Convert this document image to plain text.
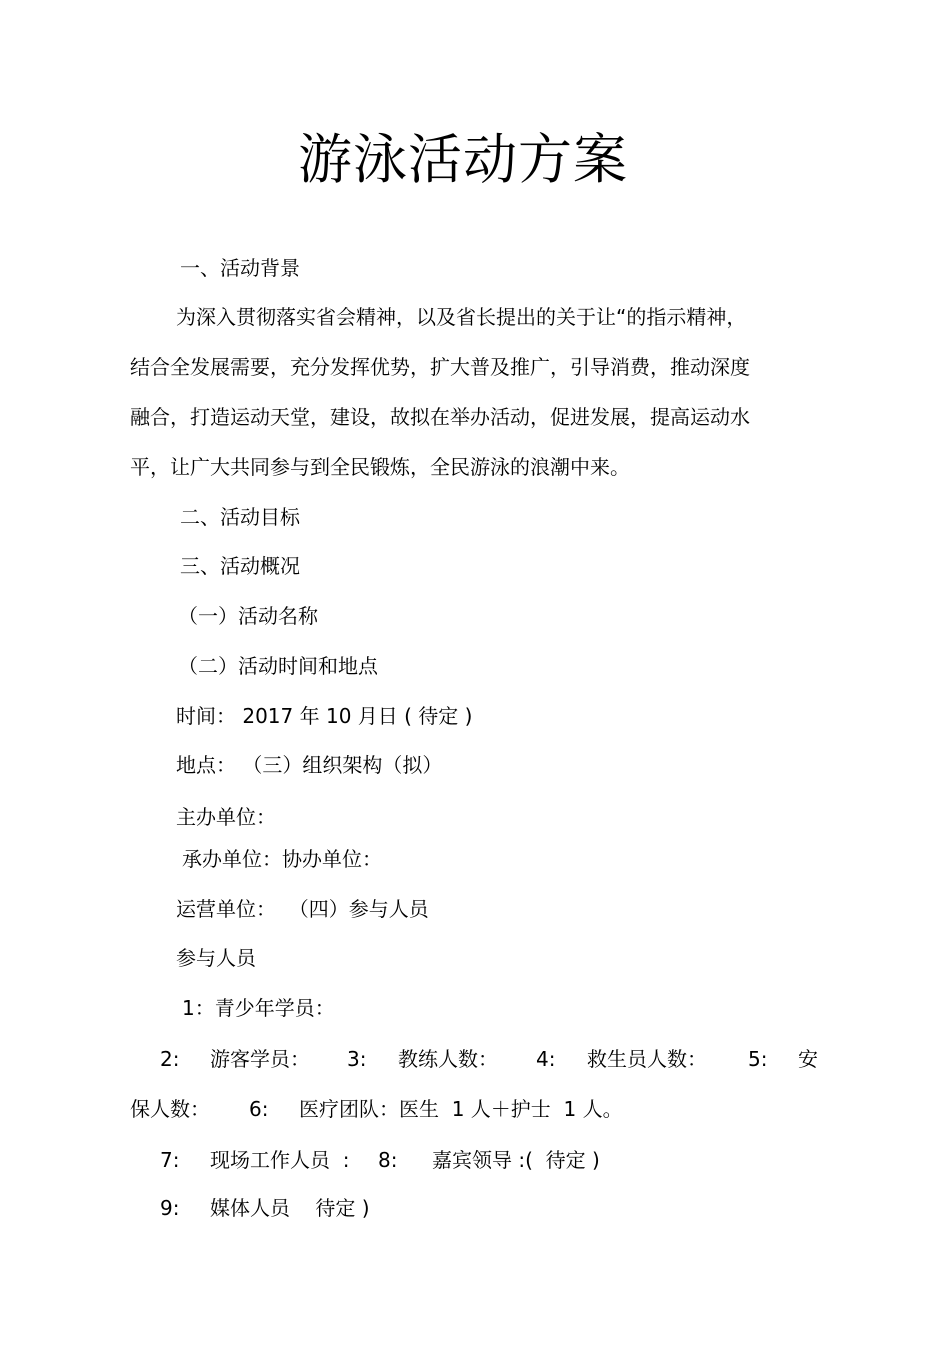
游泳活动方案
一、活动背景
为深入贯彻落实省会精神，以及省长提出的关于让“的指示精神，
结合全发展需要，充分发挥优势，扩大普及推广，引导消费，推动深度
融合，打造运动天堂，建设，故拟在举办活动，促进发展，提高运动水
平，让广大共同参与到全民锻炼，全民游泳的浪潮中来。
二、活动目标
三、活动概况
（一）活动名称
（二）活动时间和地点
时间： 2017 年 10 月日 ( 待定 )
地点： （三）组织架构（拟）
主办单位：
承办单位：协办单位：
运营单位：  （四）参与人员
参与人员
1：青少年学员：
2: 游客学员： 3: 教练人数： 4: 救生员人数： 5: 安
保人数： 6: 医疗团队：医生  1 人＋护士  1 人。
7: 现场工作人员  : 8: 嘉宾领导 :(  待定 )
9: 媒体人员    待定 )
